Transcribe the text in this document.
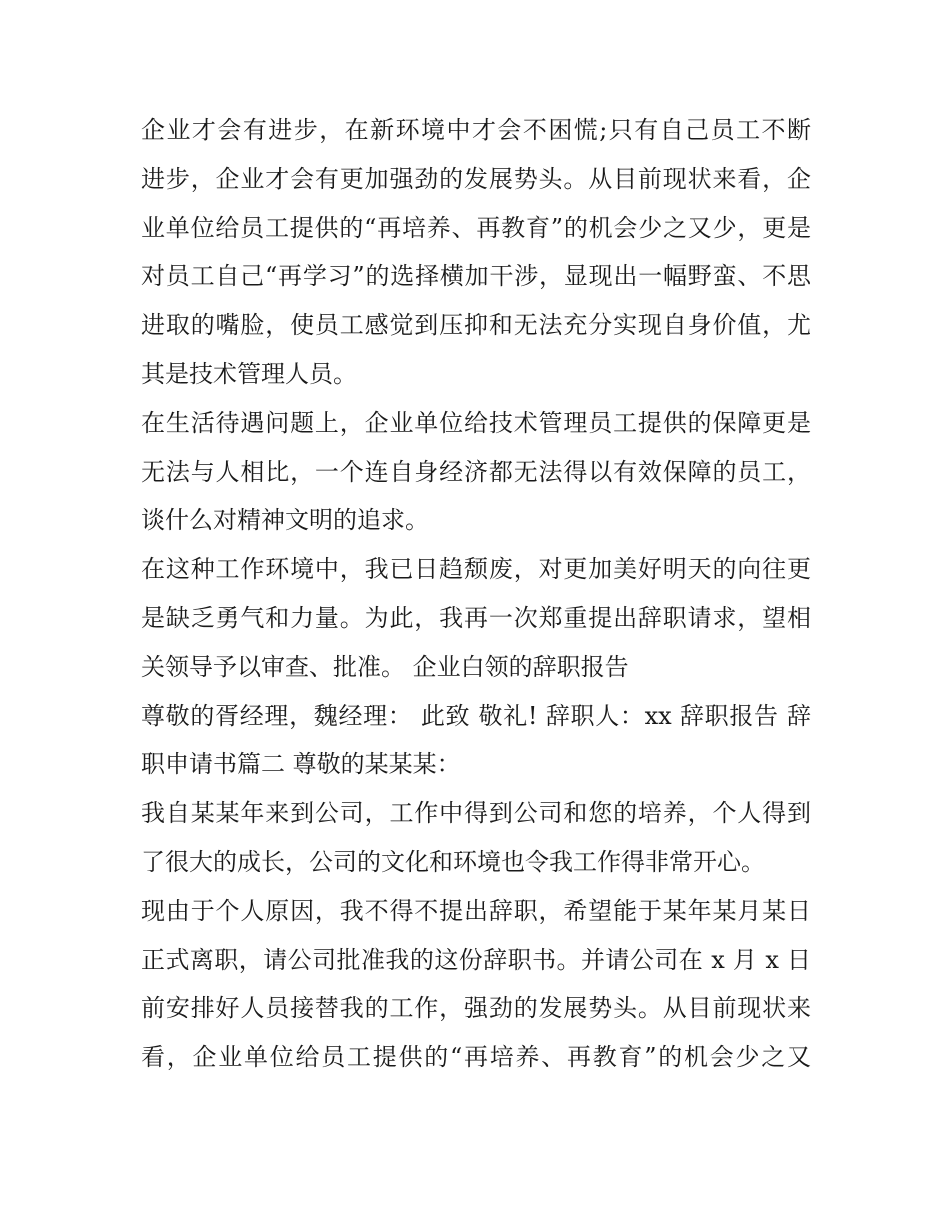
企业才会有进步，在新环境中才会不困慌;只有自己员工不断
进步，企业才会有更加强劲的发展势头。从目前现状来看，企
业单位给员工提供的“再培养、再教育”的机会少之又少，更是
对员工自己“再学习”的选择横加干涉，显现出一幅野蛮、不思
进取的嘴脸，使员工感觉到压抑和无法充分实现自身价值，尤
其是技术管理人员。
在生活待遇问题上，企业单位给技术管理员工提供的保障更是
无法与人相比，一个连自身经济都无法得以有效保障的员工，
谈什么对精神文明的追求。
在这种工作环境中，我已日趋颓废，对更加美好明天的向往更
是缺乏勇气和力量。为此，我再一次郑重提出辞职请求，望相
关领导予以审查、批准。 企业白领的辞职报告
尊敬的胥经理，魏经理： 此致 敬礼! 辞职人：xx 辞职报告 辞
职申请书篇二 尊敬的某某某：
我自某某年来到公司，工作中得到公司和您的培养，个人得到
了很大的成长，公司的文化和环境也令我工作得非常开心。
现由于个人原因，我不得不提出辞职，希望能于某年某月某日
正式离职，请公司批准我的这份辞职书。并请公司在 x 月 x 日
前安排好人员接替我的工作，强劲的发展势头。从目前现状来
看，企业单位给员工提供的“再培养、再教育”的机会少之又
